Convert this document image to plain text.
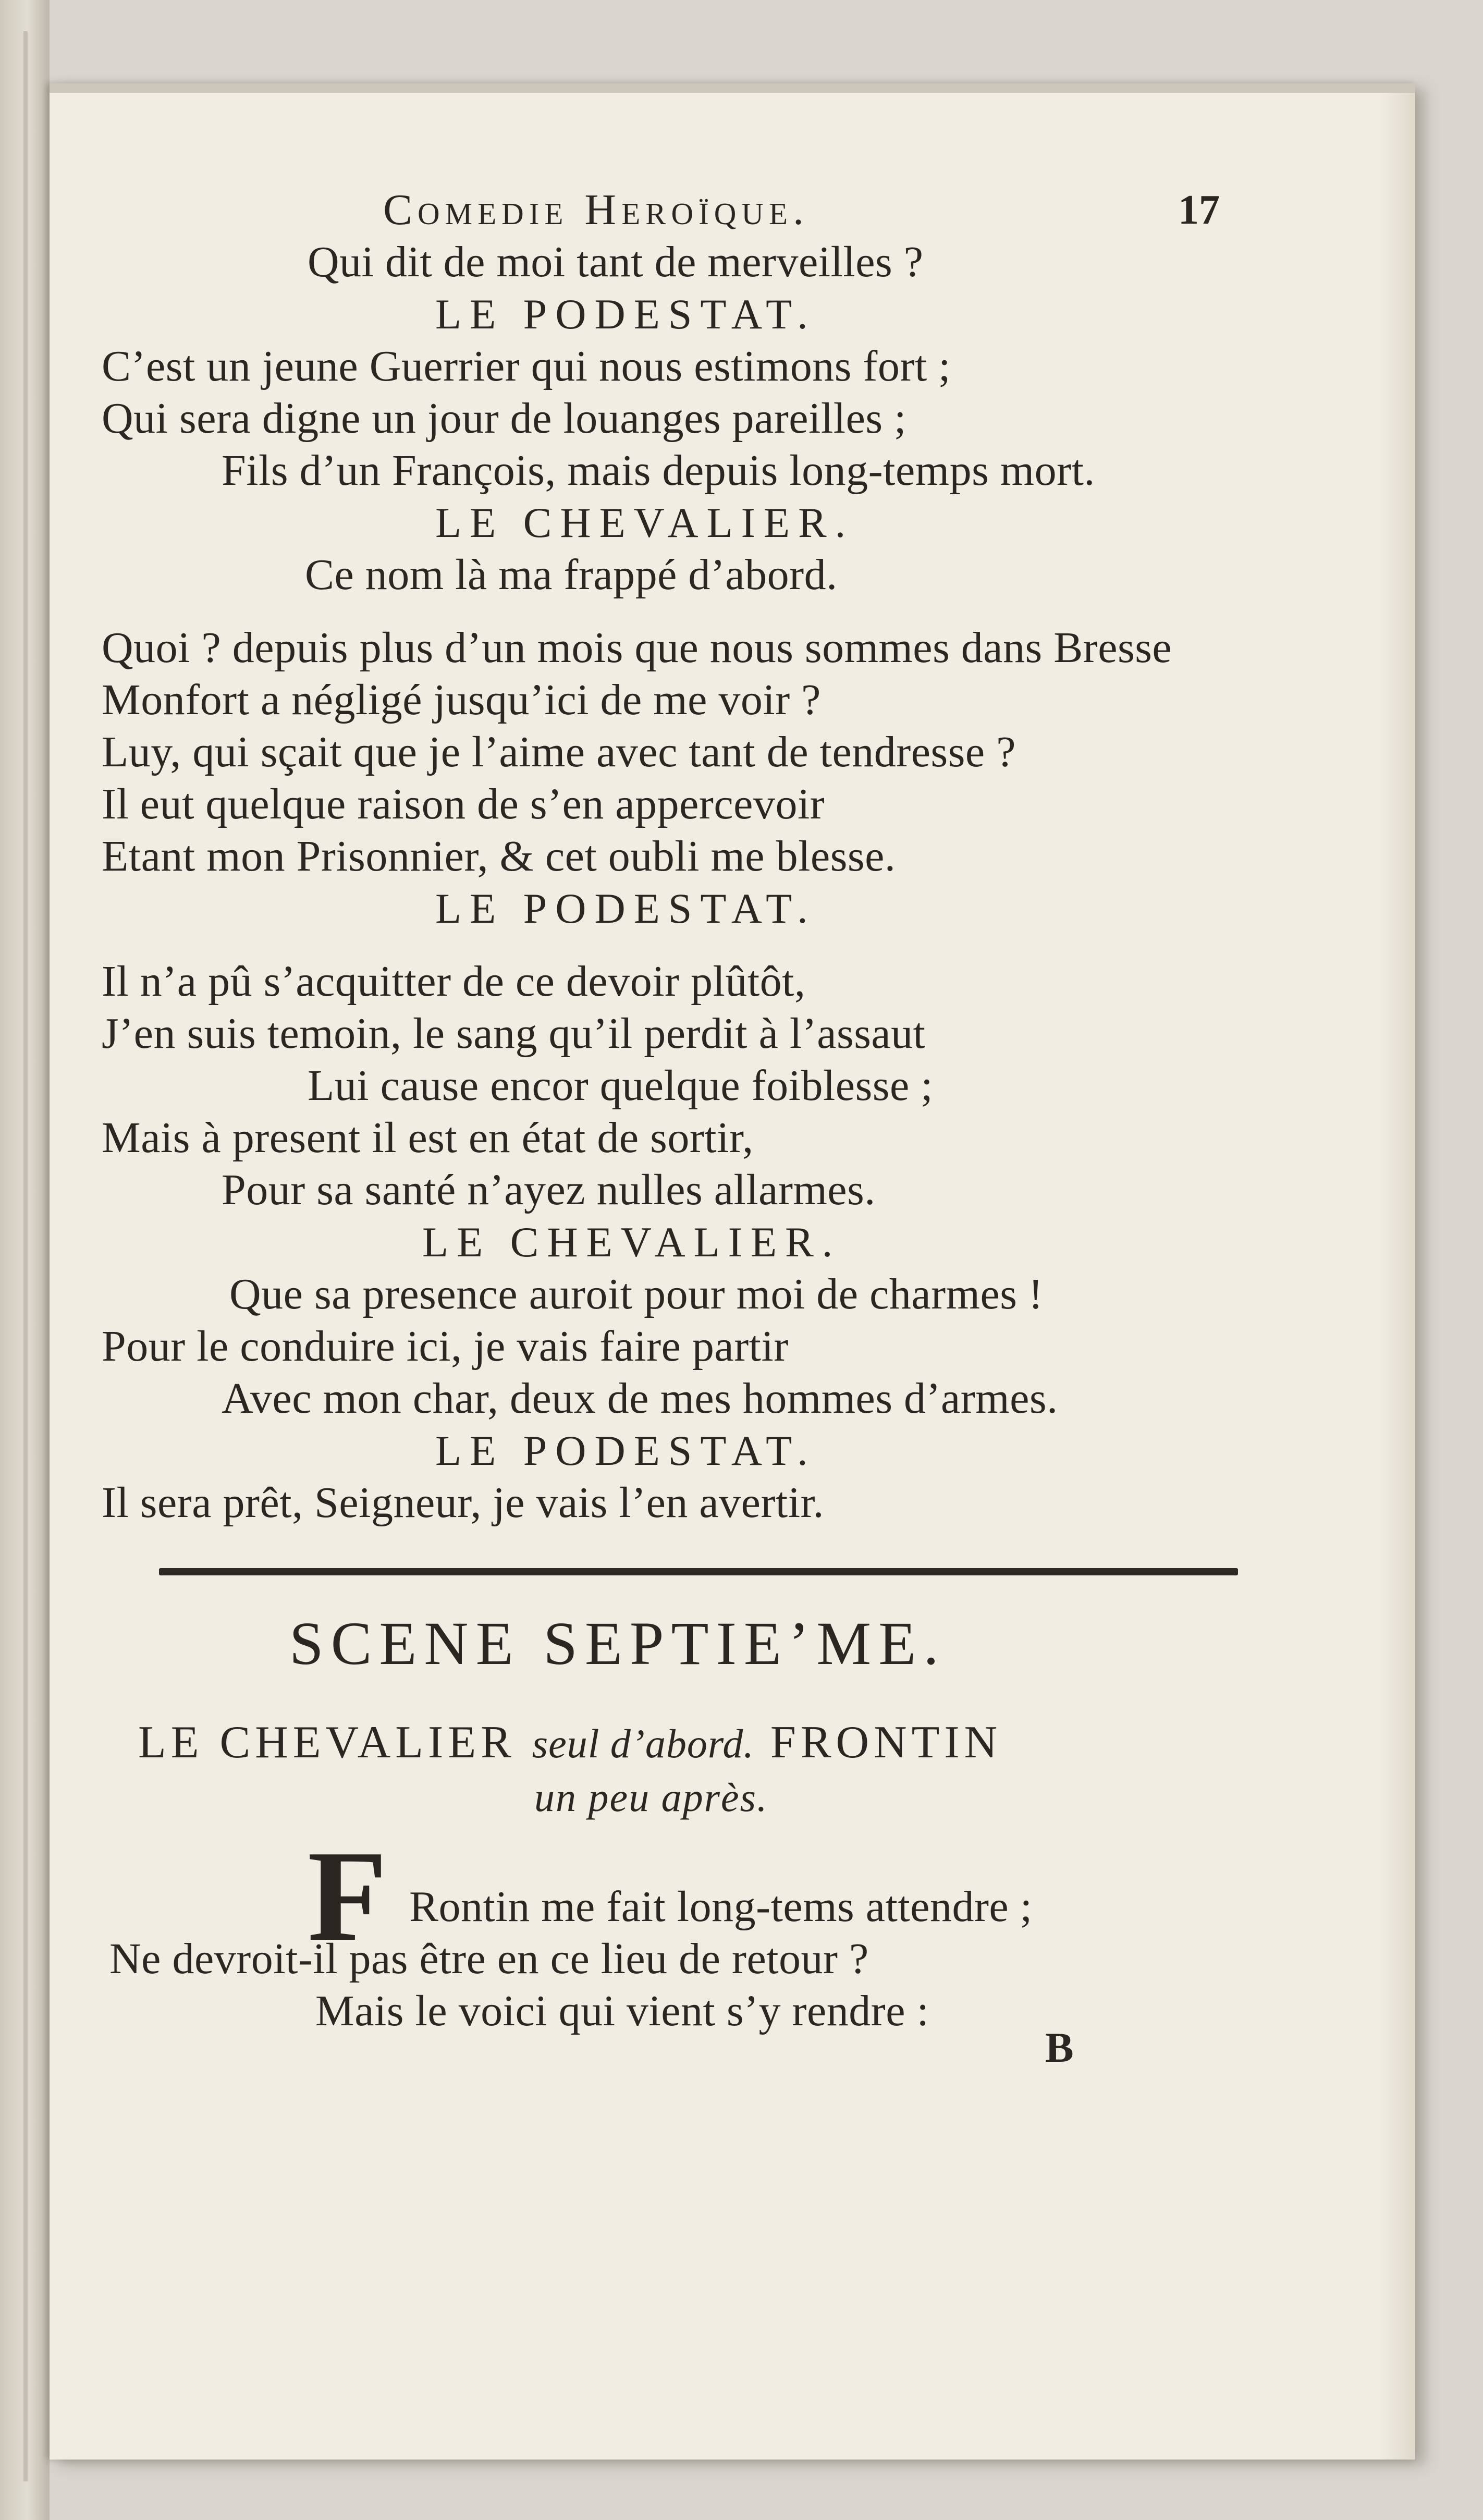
Comedie Heroïque.	17
Qui dit de moi tant de merveilles ?
LE PODESTAT.
C’est un jeune Guerrier qui nous estimons fort ;
Qui sera digne un jour de louanges pareilles ;
Fils d’un François, mais depuis long-temps mort.
LE CHEVALIER.
Ce nom là ma frappé d’abord.
Quoi ? depuis plus d’un mois que nous sommes dans Bresse
Monfort a négligé jusqu’ici de me voir ?
Luy, qui sçait que je l’aime avec tant de tendresse ?
Il eut quelque raison de s’en appercevoir
Etant mon Prisonnier, & cet oubli me blesse.
LE PODESTAT.
Il n’a pû s’acquitter de ce devoir plûtôt,
J’en suis temoin, le sang qu’il perdit à l’assaut
Lui cause encor quelque foiblesse ;
Mais à present il est en état de sortir,
Pour sa santé n’ayez nulles allarmes.
LE CHEVALIER.
Que sa presence auroit pour moi de charmes !
Pour le conduire ici, je vais faire partir
Avec mon char, deux de mes hommes d’armes.
LE PODESTAT.
Il sera prêt, Seigneur, je vais l’en avertir.
SCENE SEPTIE’ME.
LE CHEVALIER seul d’abord. FRONTIN
un peu après.
F Rontin me fait long-tems attendre ;
Ne devroit-il pas être en ce lieu de retour ?
Mais le voici qui vient s’y rendre :
B
